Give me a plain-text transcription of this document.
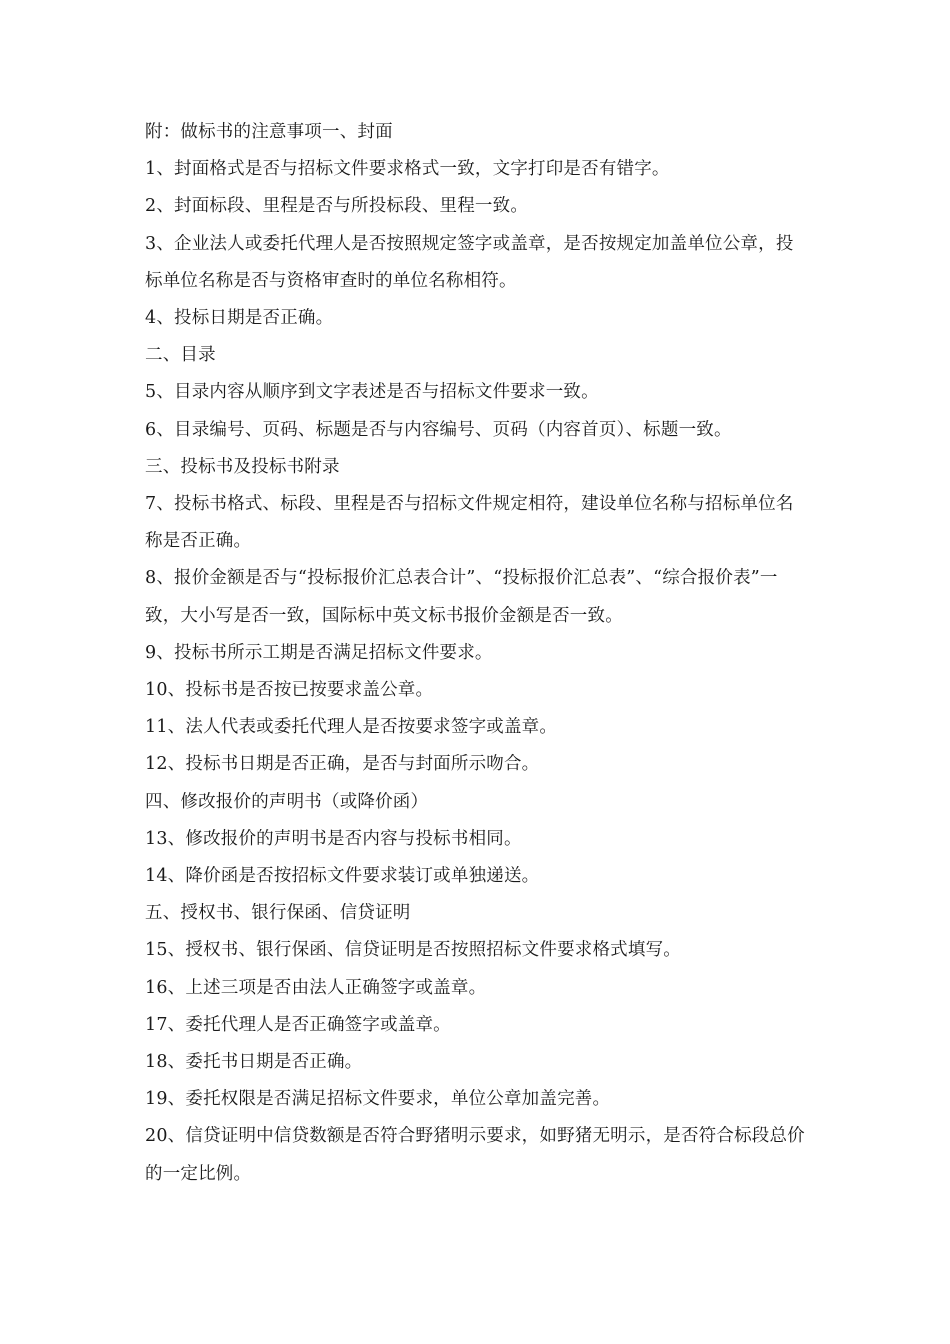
附：做标书的注意事项一、封面

1、封面格式是否与招标文件要求格式一致，文字打印是否有错字。

2、封面标段、里程是否与所投标段、里程一致。

3、企业法人或委托代理人是否按照规定签字或盖章，是否按规定加盖单位公章，投标单位名称是否与资格审查时的单位名称相符。

4、投标日期是否正确。

二、目录

5、目录内容从顺序到文字表述是否与招标文件要求一致。

6、目录编号、页码、标题是否与内容编号、页码（内容首页）、标题一致。

三、投标书及投标书附录

7、投标书格式、标段、里程是否与招标文件规定相符，建设单位名称与招标单位名称是否正确。

8、报价金额是否与“投标报价汇总表合计”、“投标报价汇总表”、“综合报价表”一致，大小写是否一致，国际标中英文标书报价金额是否一致。

9、投标书所示工期是否满足招标文件要求。

10、投标书是否按已按要求盖公章。

11、法人代表或委托代理人是否按要求签字或盖章。

12、投标书日期是否正确，是否与封面所示吻合。

四、修改报价的声明书（或降价函）

13、修改报价的声明书是否内容与投标书相同。

14、降价函是否按招标文件要求装订或单独递送。

五、授权书、银行保函、信贷证明

15、授权书、银行保函、信贷证明是否按照招标文件要求格式填写。

16、上述三项是否由法人正确签字或盖章。

17、委托代理人是否正确签字或盖章。

18、委托书日期是否正确。

19、委托权限是否满足招标文件要求，单位公章加盖完善。

20、信贷证明中信贷数额是否符合野猪明示要求，如野猪无明示，是否符合标段总价的一定比例。
